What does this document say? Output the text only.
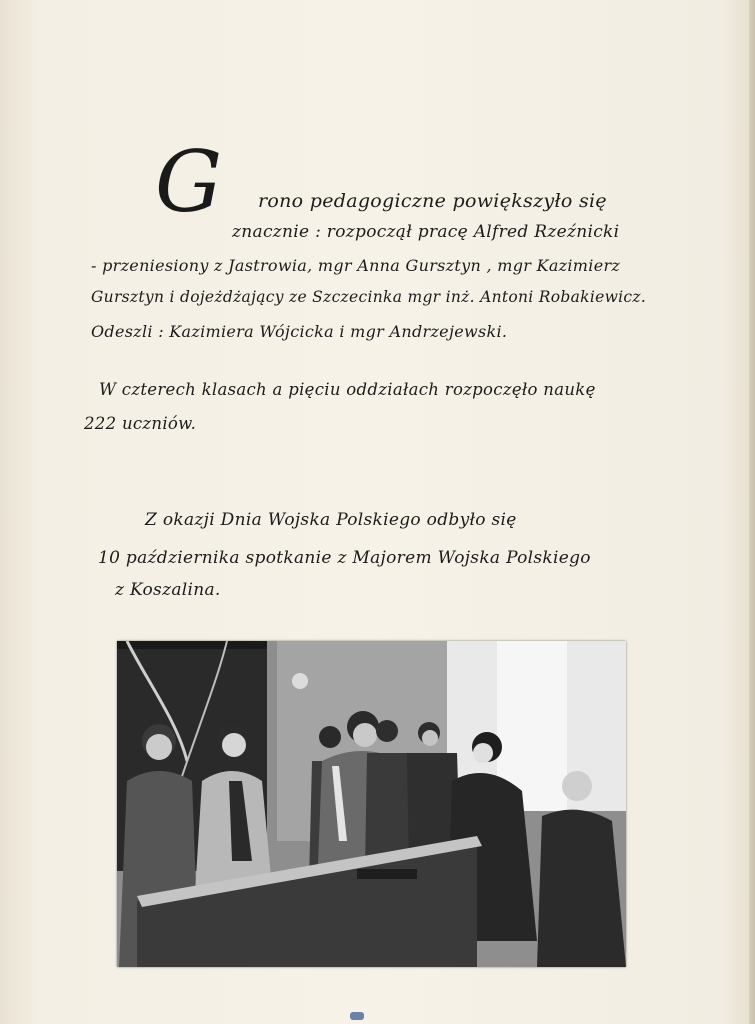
G rono pedagogiczne powiększyło się
znacznie : rozpoczął pracę Alfred Rzeźnicki
- przeniesiony z Jastrowia, mgr Anna Gursztyn , mgr Kazimierz
Gursztyn i dojeżdżający ze Szczecinka mgr inż. Antoni Robakiewicz.
Odeszli : Kazimiera Wójcicka i mgr Andrzejewski.
W czterech klasach a pięciu oddziałach rozpoczęło naukę
222 uczniów.
Z okazji Dnia Wojska Polskiego odbyło się
10 października spotkanie z Majorem Wojska Polskiego
z Koszalina.
